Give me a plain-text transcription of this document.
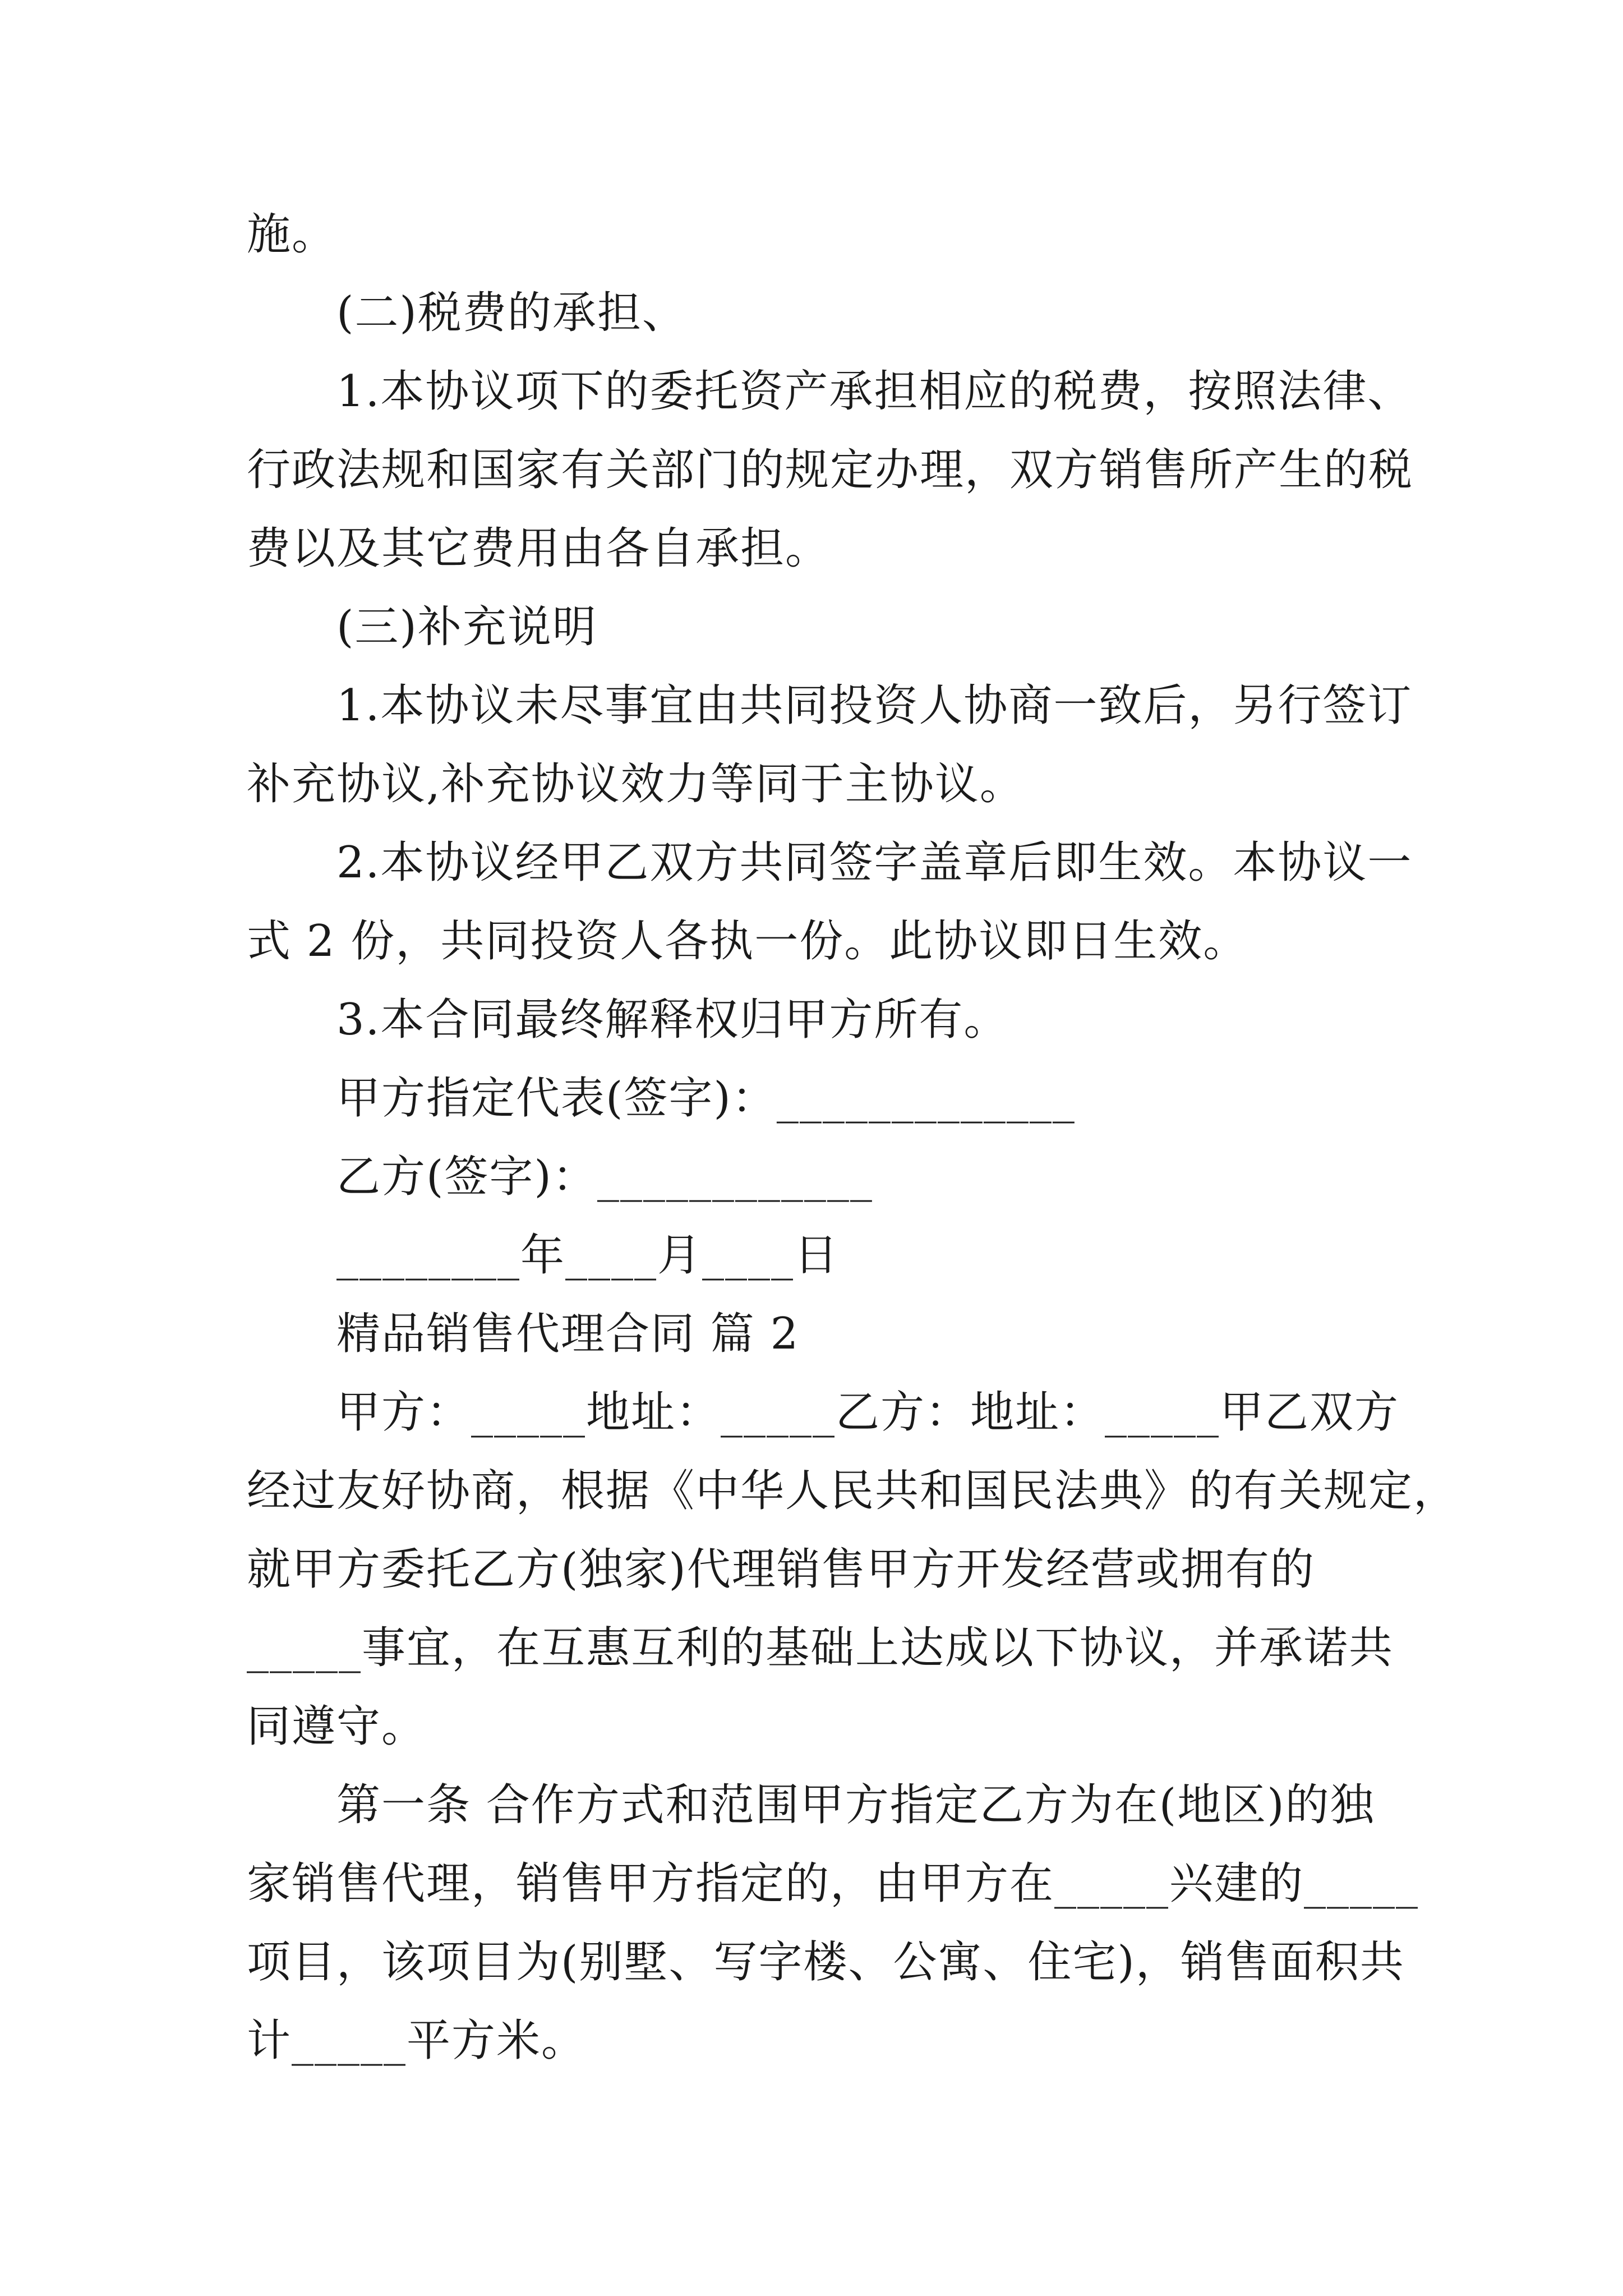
施。
(二)税费的承担、
1.本协议项下的委托资产承担相应的税费，按照法律、
行政法规和国家有关部门的规定办理，双方销售所产生的税
费以及其它费用由各自承担。
(三)补充说明
1.本协议未尽事宜由共同投资人协商一致后，另行签订
补充协议,补充协议效力等同于主协议。
2.本协议经甲乙双方共同签字盖章后即生效。本协议一
式 2 份，共同投资人各执一份。此协议即日生效。
3.本合同最终解释权归甲方所有。
甲方指定代表(签字)：_____________
乙方(签字)：____________
________年____月____日
精品销售代理合同 篇 2
甲方：_____地址：_____乙方：地址：_____甲乙双方
经过友好协商，根据《中华人民共和国民法典》的有关规定，
就甲方委托乙方(独家)代理销售甲方开发经营或拥有的
_____事宜，在互惠互利的基础上达成以下协议，并承诺共
同遵守。
第一条 合作方式和范围甲方指定乙方为在(地区)的独
家销售代理，销售甲方指定的，由甲方在_____兴建的_____
项目，该项目为(别墅、写字楼、公寓、住宅)，销售面积共
计_____平方米。
